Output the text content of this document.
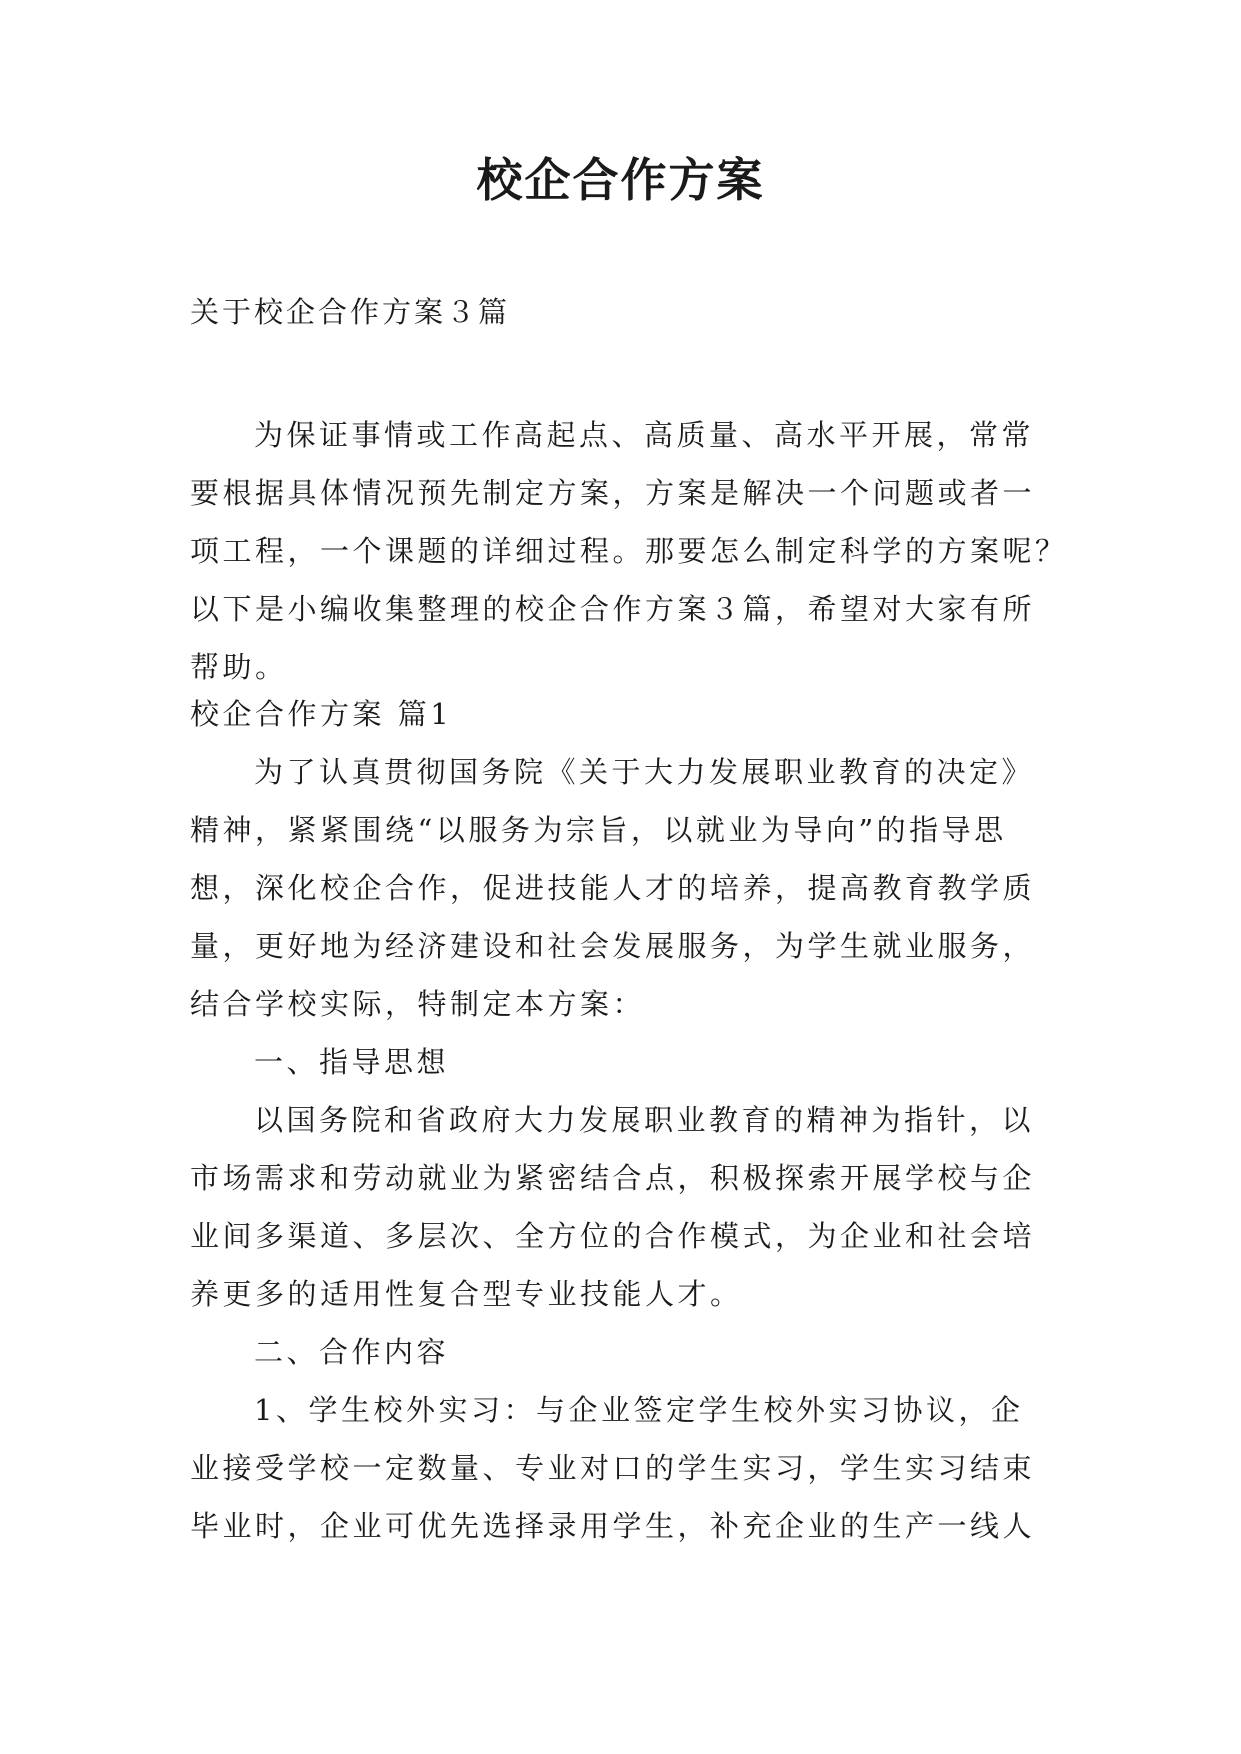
校企合作方案
关于校企合作方案３篇
为保证事情或工作高起点、高质量、高水平开展，常常
要根据具体情况预先制定方案，方案是解决一个问题或者一
项工程，一个课题的详细过程。那要怎么制定科学的方案呢？
以下是小编收集整理的校企合作方案３篇，希望对大家有所
帮助。
校企合作方案 篇1
为了认真贯彻国务院《关于大力发展职业教育的决定》
精神，紧紧围绕“以服务为宗旨，以就业为导向”的指导思
想，深化校企合作，促进技能人才的培养，提高教育教学质
量，更好地为经济建设和社会发展服务，为学生就业服务，
结合学校实际，特制定本方案：
一、指导思想
以国务院和省政府大力发展职业教育的精神为指针，以
市场需求和劳动就业为紧密结合点，积极探索开展学校与企
业间多渠道、多层次、全方位的合作模式，为企业和社会培
养更多的适用性复合型专业技能人才。
二、合作内容
1、学生校外实习：与企业签定学生校外实习协议，企
业接受学校一定数量、专业对口的学生实习，学生实习结束
毕业时，企业可优先选择录用学生，补充企业的生产一线人
